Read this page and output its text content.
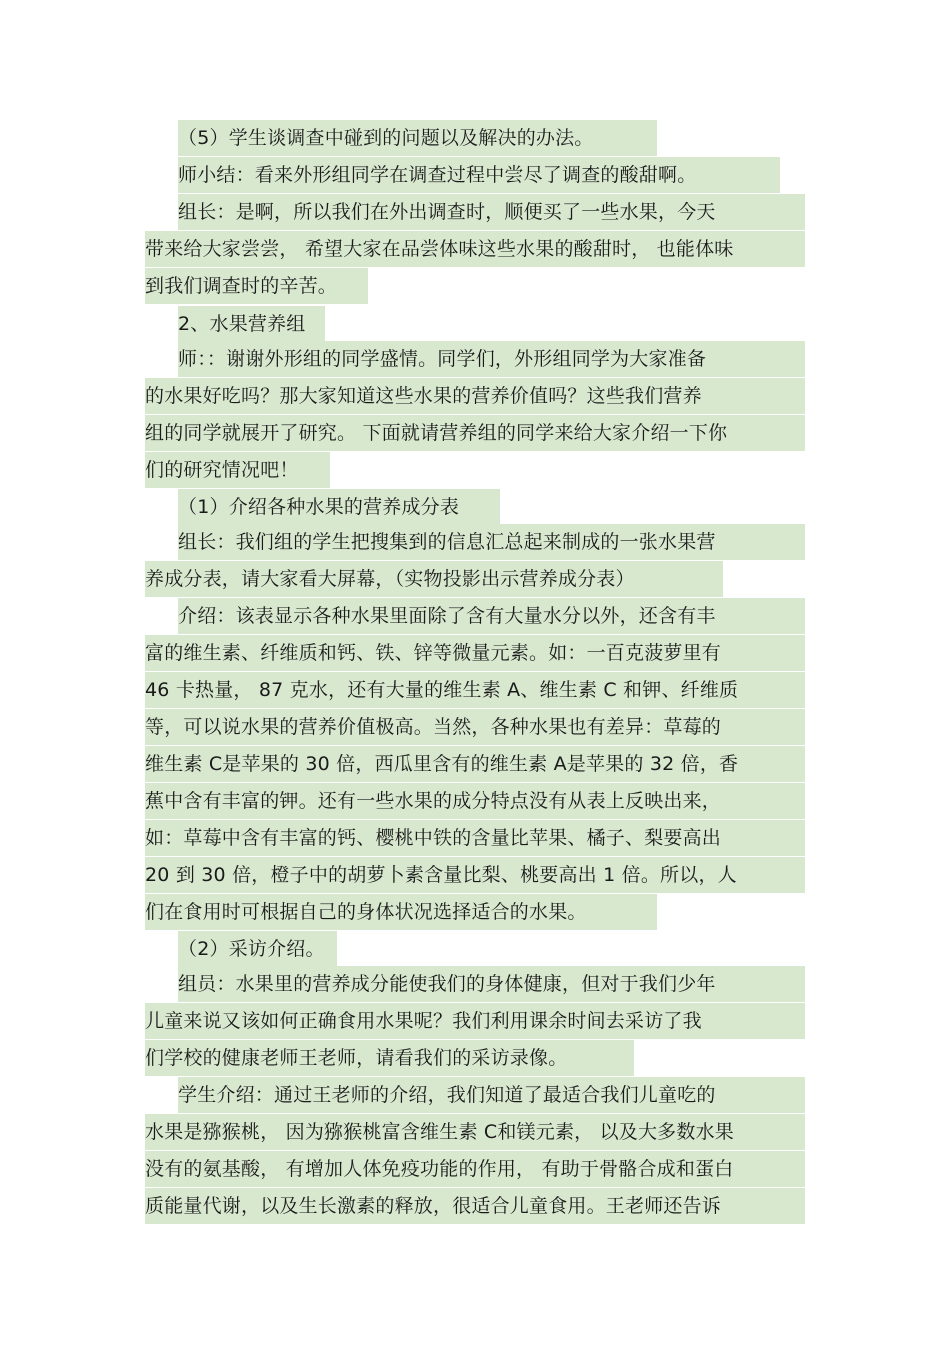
（5）学生谈调查中碰到的问题以及解决的办法。
师小结：看来外形组同学在调查过程中尝尽了调查的酸甜啊。
组长：是啊，所以我们在外出调查时，顺便买了一些水果，今天
带来给大家尝尝， 希望大家在品尝体味这些水果的酸甜时， 也能体味
到我们调查时的辛苦。
2、水果营养组
师：：谢谢外形组的同学盛情。同学们，外形组同学为大家准备
的水果好吃吗？那大家知道这些水果的营养价值吗？这些我们营养
组的同学就展开了研究。 下面就请营养组的同学来给大家介绍一下你
们的研究情况吧！
（1）介绍各种水果的营养成分表
组长：我们组的学生把搜集到的信息汇总起来制成的一张水果营
养成分表，请大家看大屏幕，（实物投影出示营养成分表）
介绍：该表显示各种水果里面除了含有大量水分以外，还含有丰
富的维生素、纤维质和钙、铁、锌等微量元素。如：一百克菠萝里有
46 卡热量， 87 克水，还有大量的维生素 A、维生素 C 和钾、纤维质
等，可以说水果的营养价值极高。当然，各种水果也有差异：草莓的
维生素 C是苹果的 30 倍，西瓜里含有的维生素 A是苹果的 32 倍，香
蕉中含有丰富的钾。还有一些水果的成分特点没有从表上反映出来，
如：草莓中含有丰富的钙、樱桃中铁的含量比苹果、橘子、梨要高出
20 到 30 倍，橙子中的胡萝卜素含量比梨、桃要高出 1 倍。所以，人
们在食用时可根据自己的身体状况选择适合的水果。
（2）采访介绍。
组员：水果里的营养成分能使我们的身体健康，但对于我们少年
儿童来说又该如何正确食用水果呢？我们利用课余时间去采访了我
们学校的健康老师王老师，请看我们的采访录像。
学生介绍：通过王老师的介绍，我们知道了最适合我们儿童吃的
水果是猕猴桃， 因为猕猴桃富含维生素 C和镁元素， 以及大多数水果
没有的氨基酸， 有增加人体免疫功能的作用， 有助于骨骼合成和蛋白
质能量代谢，以及生长激素的释放，很适合儿童食用。王老师还告诉
